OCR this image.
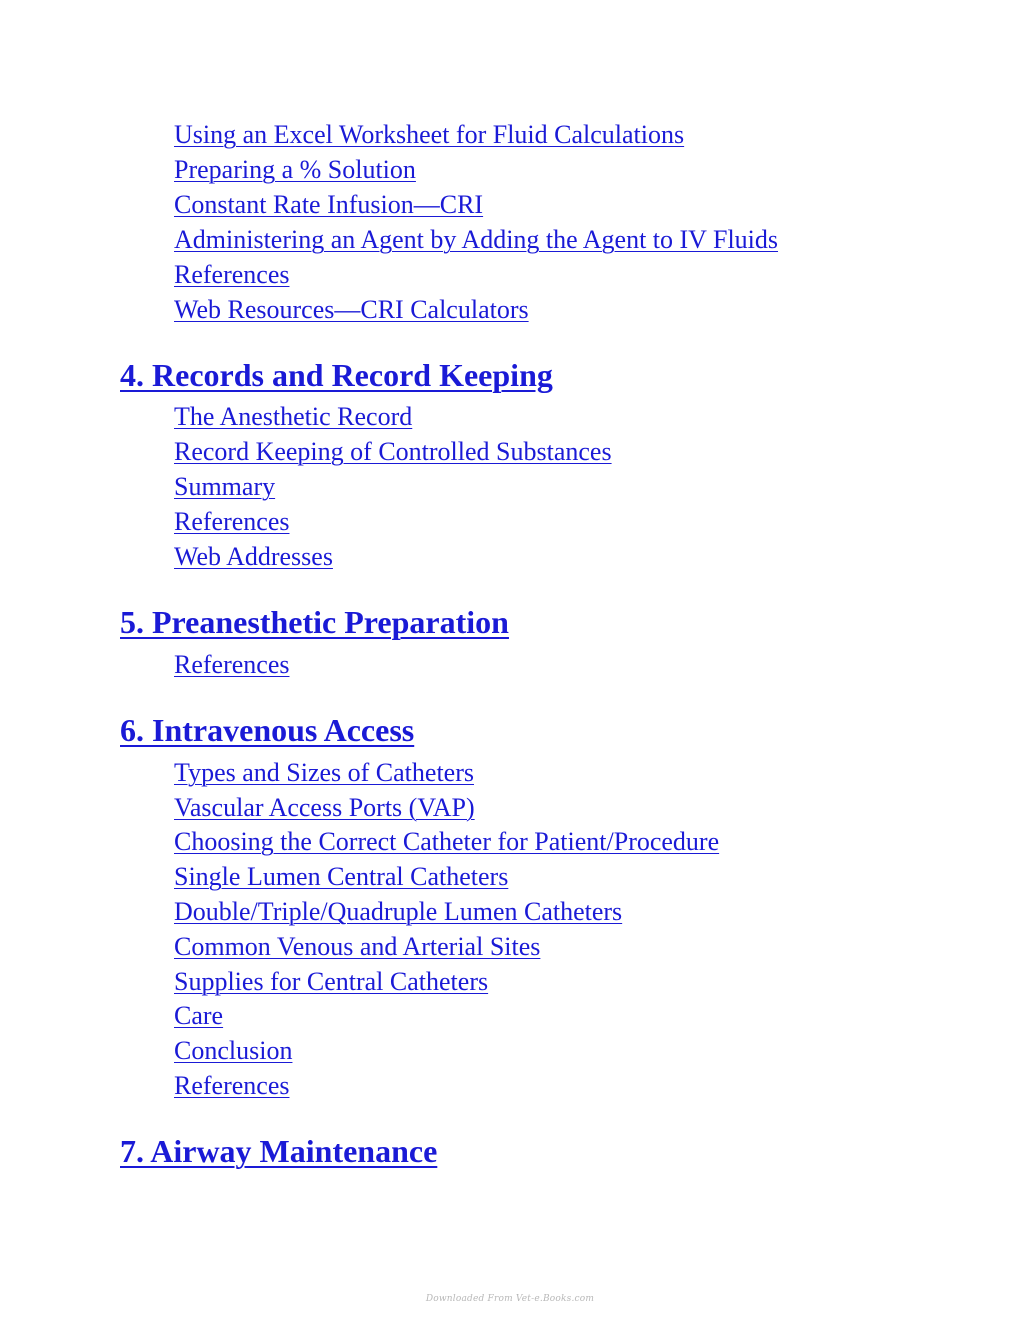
Using an Excel Worksheet for Fluid Calculations
Preparing a % Solution
Constant Rate Infusion—CRI
Administering an Agent by Adding the Agent to IV Fluids
References
Web Resources—CRI Calculators
4. Records and Record Keeping
The Anesthetic Record
Record Keeping of Controlled Substances
Summary
References
Web Addresses
5. Preanesthetic Preparation
References
6. Intravenous Access
Types and Sizes of Catheters
Vascular Access Ports (VAP)
Choosing the Correct Catheter for Patient/Procedure
Single Lumen Central Catheters
Double/Triple/Quadruple Lumen Catheters
Common Venous and Arterial Sites
Supplies for Central Catheters
Care
Conclusion
References
7. Airway Maintenance
Downloaded From Vet-e.Books.com
